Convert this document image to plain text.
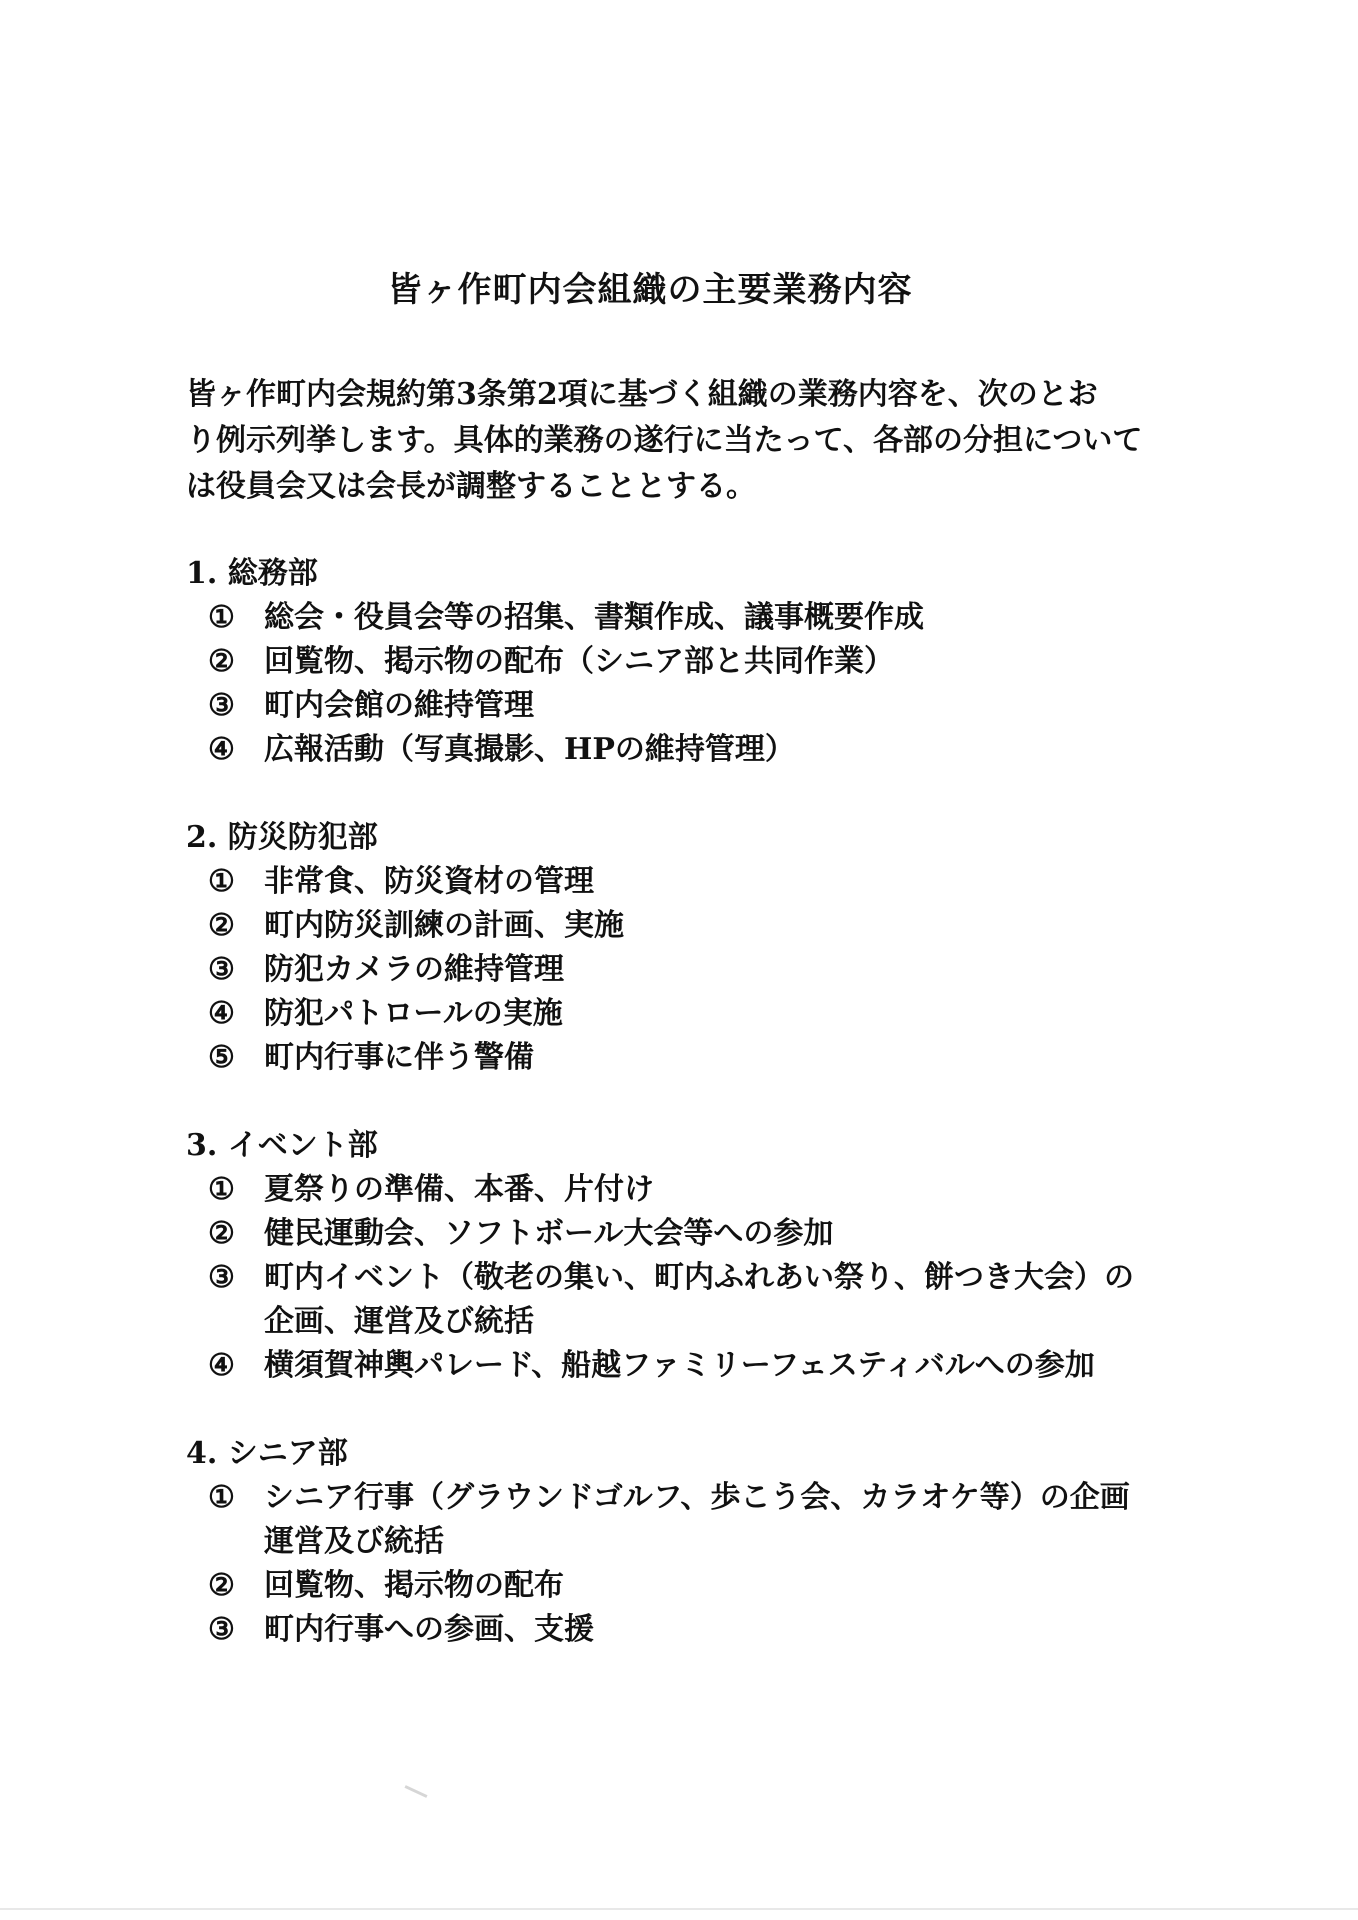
皆ヶ作町内会組織の主要業務内容

皆ヶ作町内会規約第3条第2項に基づく組織の業務内容を、次のとお

り例示列挙します。具体的業務の遂行に当たって、各部の分担について

は役員会又は会長が調整することとする。

1. 総務部
① 総会・役員会等の招集、書類作成、議事概要作成
② 回覧物、掲示物の配布（シニア部と共同作業）
③ 町内会館の維持管理
④ 広報活動（写真撮影、HPの維持管理）
2. 防災防犯部
① 非常食、防災資材の管理
② 町内防災訓練の計画、実施
③ 防犯カメラの維持管理
④ 防犯パトロールの実施
⑤ 町内行事に伴う警備
3. イベント部
① 夏祭りの準備、本番、片付け
② 健民運動会、ソフトボール大会等への参加
③ 町内イベント（敬老の集い、町内ふれあい祭り、餅つき大会）の企画、運営及び統括
④ 横須賀神輿パレード、船越ファミリーフェスティバルへの参加
4. シニア部
① シニア行事（グラウンドゴルフ、歩こう会、カラオケ等）の企画運営及び統括
② 回覧物、掲示物の配布
③ 町内行事への参画、支援
